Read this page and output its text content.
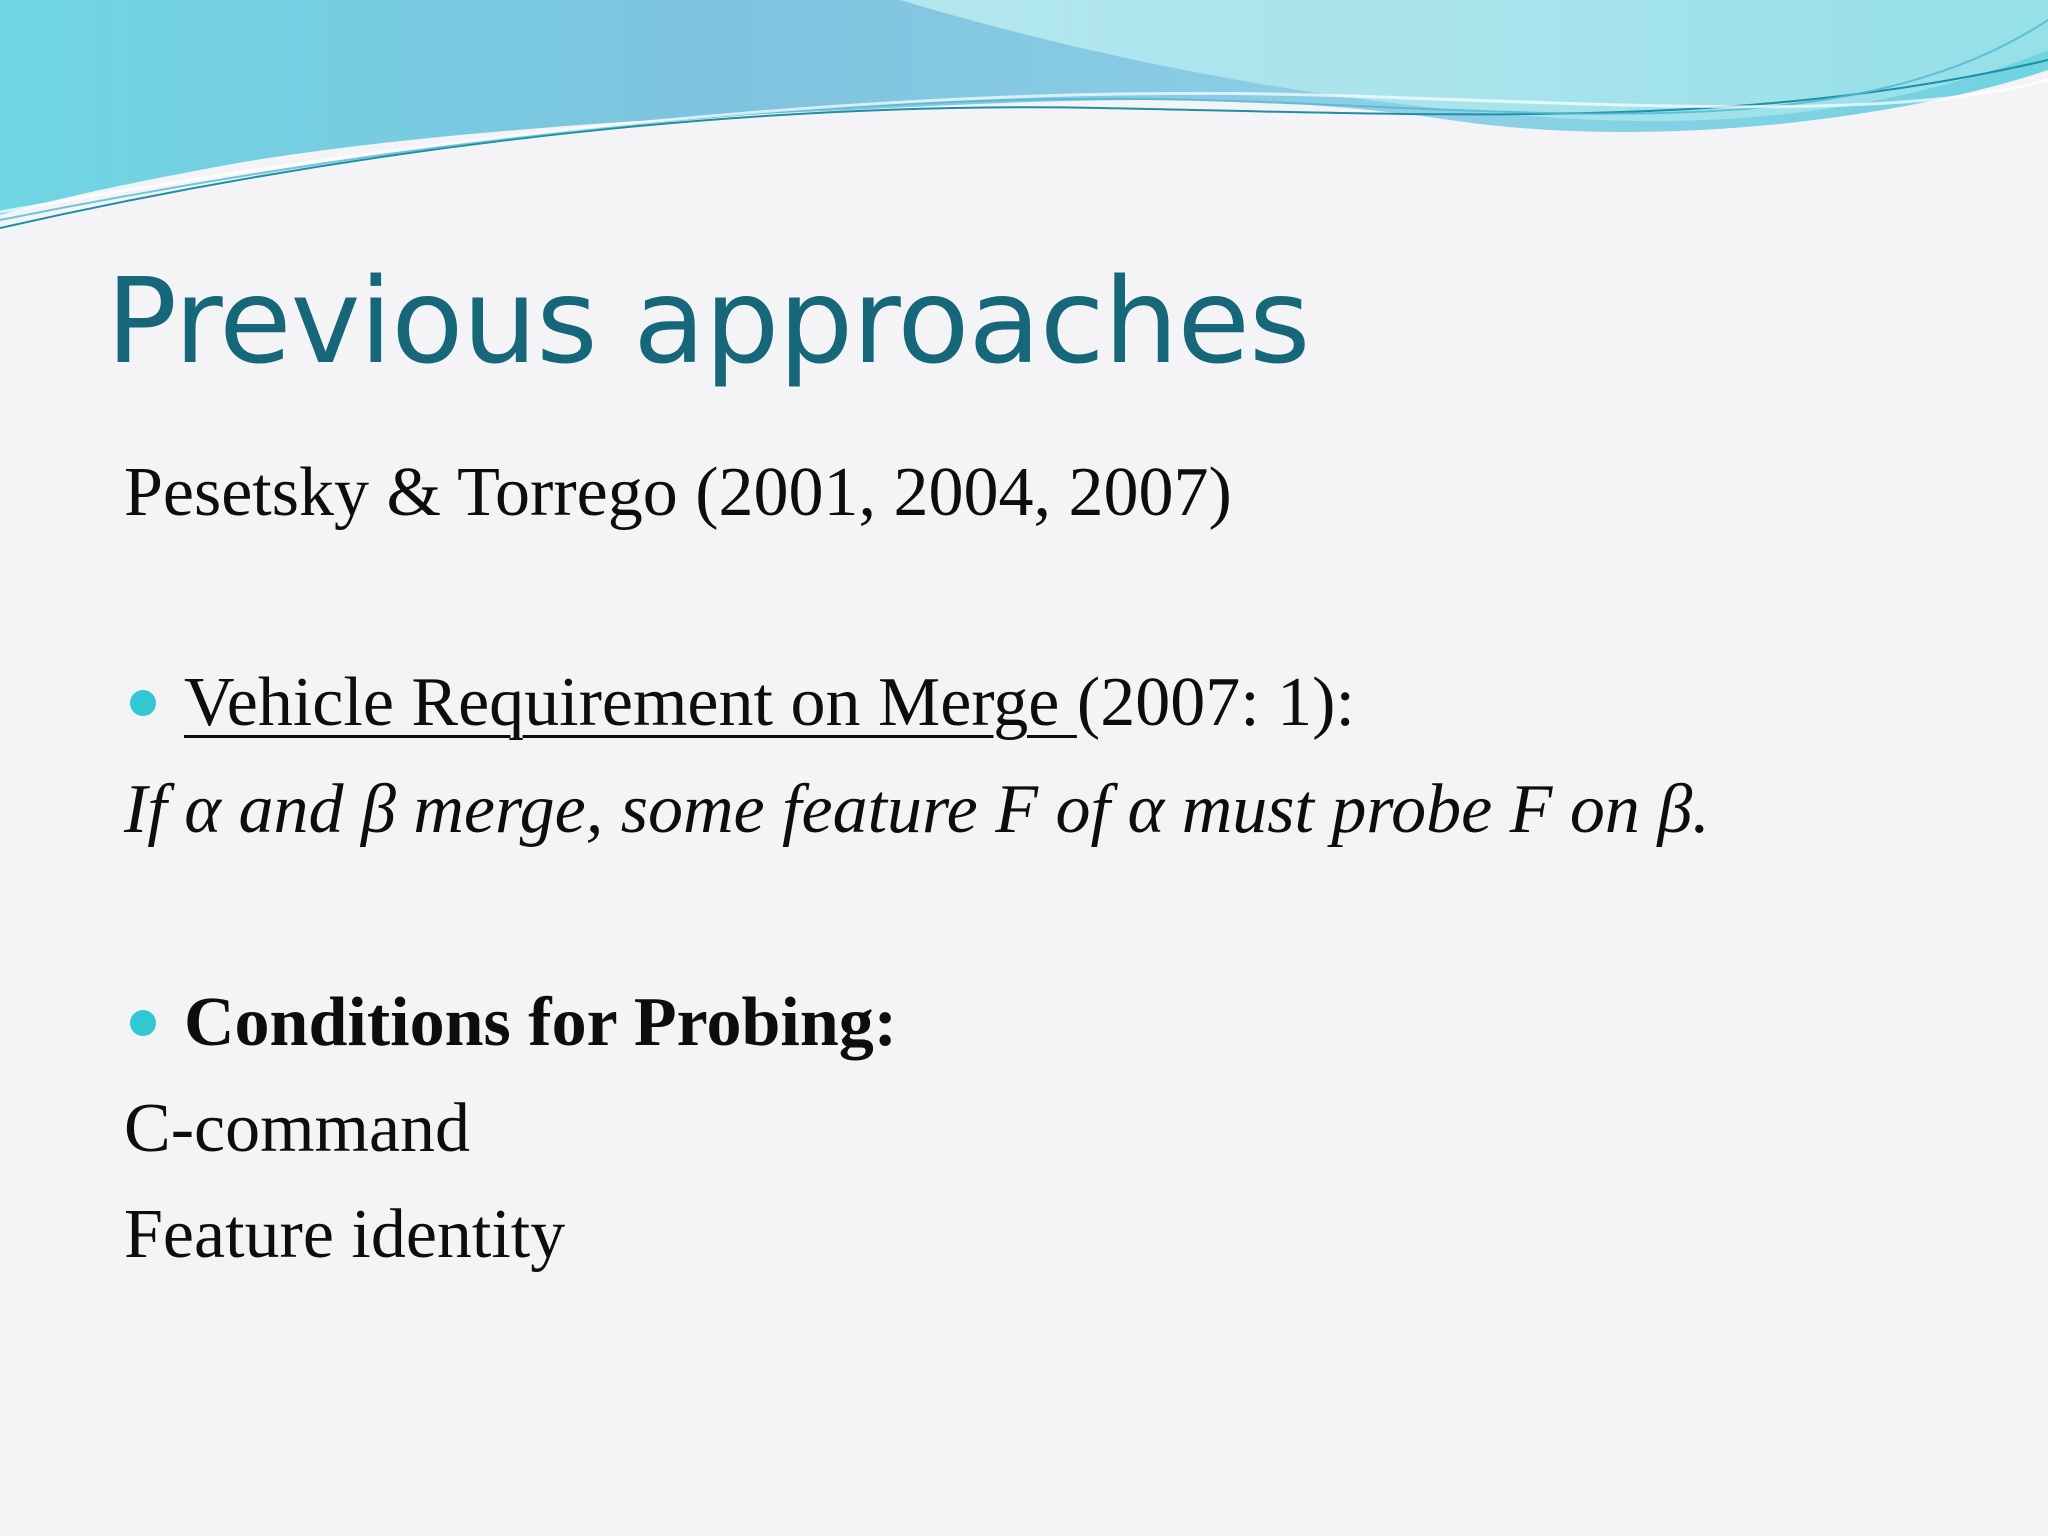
Previous approaches

Pesetsky & Torrego (2001, 2004, 2007)

Vehicle Requirement on Merge (2007: 1):

If α and β merge, some feature F of α must probe F on β.

Conditions for Probing:

C-command

Feature identity
